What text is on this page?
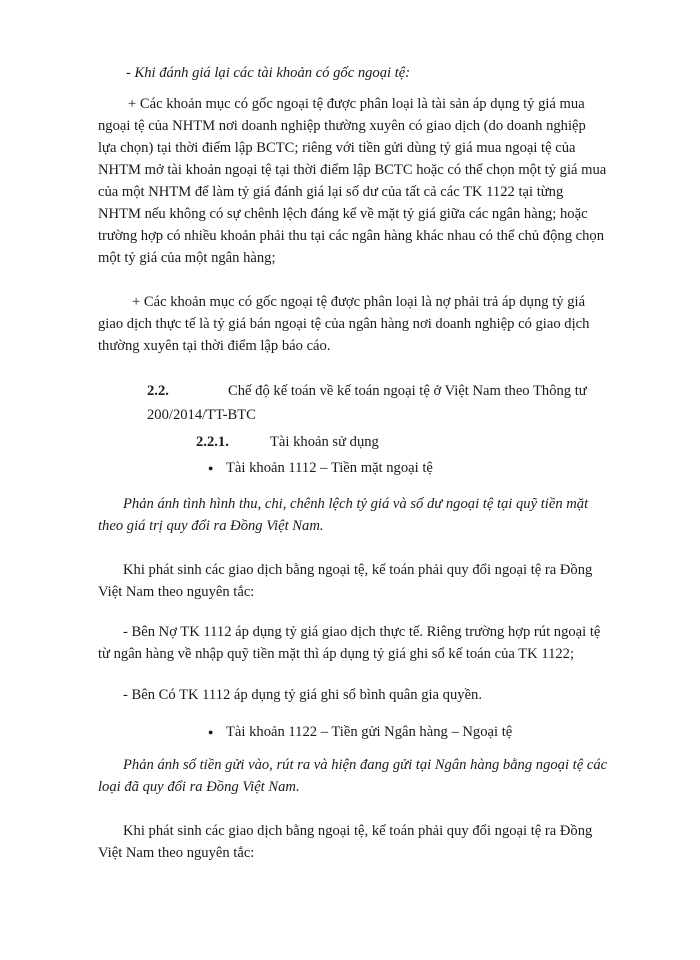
- Khi đánh giá lại các tài khoản có gốc ngoại tệ:

+ Các khoản mục có gốc ngoại tệ được phân loại là tài sản áp dụng tỷ giá mua
ngoại tệ của NHTM nơi doanh nghiệp thường xuyên có giao dịch (do doanh nghiệp
lựa chọn) tại thời điểm lập BCTC; riêng với tiền gửi dùng tỷ giá mua ngoại tệ của
NHTM mở tài khoản ngoại tệ tại thời điểm lập BCTC hoặc có thể chọn một tỷ giá mua
của một NHTM để làm tỷ giá đánh giá lại số dư của tất cả các TK 1122 tại từng
NHTM nếu không có sự chênh lệch đáng kể về mặt tỷ giá giữa các ngân hàng; hoặc
trường hợp có nhiều khoản phải thu tại các ngân hàng khác nhau có thể chủ động chọn
một tỷ giá của một ngân hàng;

+ Các khoản mục có gốc ngoại tệ được phân loại là nợ phải trả áp dụng tỷ giá
giao dịch thực tế là tỷ giá bán ngoại tệ của ngân hàng nơi doanh nghiệp có giao dịch
thường xuyên tại thời điểm lập báo cáo.

2.2.	Chế độ kế toán về kế toán ngoại tệ ở Việt Nam theo Thông tư
200/2014/TT-BTC
2.2.1.	Tài khoản sử dụng
● Tài khoản 1112 – Tiền mặt ngoại tệ

Phản ánh tình hình thu, chi, chênh lệch tỷ giá và số dư ngoại tệ tại quỹ tiền mặt
theo giá trị quy đổi ra Đồng Việt Nam.

Khi phát sinh các giao dịch bằng ngoại tệ, kế toán phải quy đổi ngoại tệ ra Đồng
Việt Nam theo nguyên tắc:

- Bên Nợ TK 1112 áp dụng tỷ giá giao dịch thực tế. Riêng trường hợp rút ngoại tệ
từ ngân hàng về nhập quỹ tiền mặt thì áp dụng tỷ giá ghi sổ kế toán của TK 1122;

- Bên Có TK 1112 áp dụng tỷ giá ghi sổ bình quân gia quyền.

● Tài khoản 1122 – Tiền gửi Ngân hàng – Ngoại tệ

Phản ánh số tiền gửi vào, rút ra và hiện đang gửi tại Ngân hàng bằng ngoại tệ các
loại đã quy đổi ra Đồng Việt Nam.

Khi phát sinh các giao dịch bằng ngoại tệ, kế toán phải quy đổi ngoại tệ ra Đồng
Việt Nam theo nguyên tắc:
